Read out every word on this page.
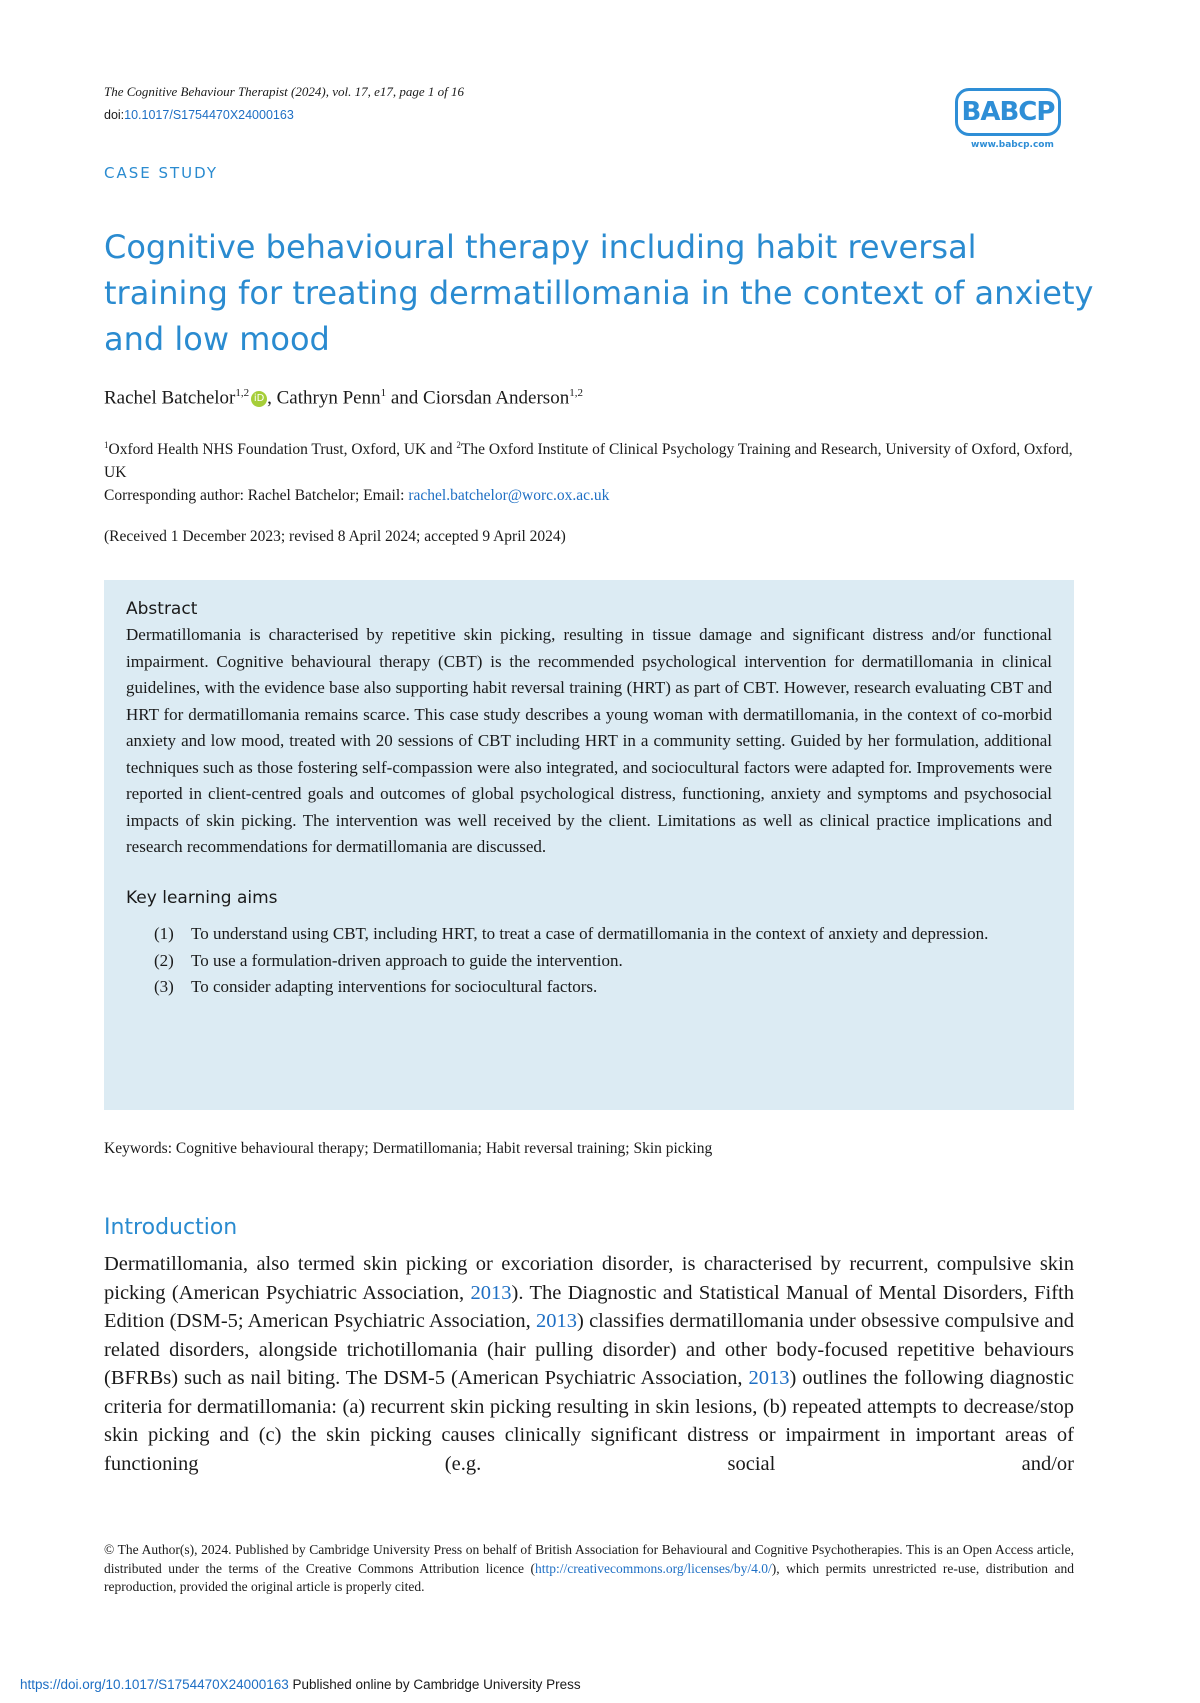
The Cognitive Behaviour Therapist (2024), vol. 17, e17, page 1 of 16
doi:10.1017/S1754470X24000163	BABCP
www.babcp.com
CASE STUDY
Cognitive behavioural therapy including habit reversal training for treating dermatillomania in the context of anxiety and low mood
Rachel Batchelor$^{1,2}$ iD , Cathryn Penn$^1$ and Ciorsdan Anderson$^{1,2}$
$^1$Oxford Health NHS Foundation Trust, Oxford, UK and $^2$The Oxford Institute of Clinical Psychology Training and Research, University of Oxford, Oxford, UK
Corresponding author: Rachel Batchelor; Email: rachel.batchelor@worc.ox.ac.uk
(Received 1 December 2023; revised 8 April 2024; accepted 9 April 2024)
Abstract

Dermatillomania is characterised by repetitive skin picking, resulting in tissue damage and significant distress and/or functional impairment. Cognitive behavioural therapy (CBT) is the recommended psychological intervention for dermatillomania in clinical guidelines, with the evidence base also supporting habit reversal training (HRT) as part of CBT. However, research evaluating CBT and HRT for dermatillomania remains scarce. This case study describes a young woman with dermatillomania, in the context of co-morbid anxiety and low mood, treated with 20 sessions of CBT including HRT in a community setting. Guided by her formulation, additional techniques such as those fostering self-compassion were also integrated, and sociocultural factors were adapted for. Improvements were reported in client-centred goals and outcomes of global psychological distress, functioning, anxiety and symptoms and psychosocial impacts of skin picking. The intervention was well received by the client. Limitations as well as clinical practice implications and research recommendations for dermatillomania are discussed.

Key learning aims
(1) To understand using CBT, including HRT, to treat a case of dermatillomania in the context of anxiety and depression.
(2) To use a formulation-driven approach to guide the intervention.
(3) To consider adapting interventions for sociocultural factors.
Keywords: Cognitive behavioural therapy; Dermatillomania; Habit reversal training; Skin picking
Introduction

Dermatillomania, also termed skin picking or excoriation disorder, is characterised by recurrent, compulsive skin picking (American Psychiatric Association, 2013). The Diagnostic and Statistical Manual of Mental Disorders, Fifth Edition (DSM-5; American Psychiatric Association, 2013) classifies dermatillomania under obsessive compulsive and related disorders, alongside trichotillomania (hair pulling disorder) and other body-focused repetitive behaviours (BFRBs) such as nail biting. The DSM-5 (American Psychiatric Association, 2013) outlines the following diagnostic criteria for dermatillomania: (a) recurrent skin picking resulting in skin lesions, (b) repeated attempts to decrease/stop skin picking and (c) the skin picking causes clinically significant distress or impairment in important areas of functioning (e.g. social and/or

© The Author(s), 2024. Published by Cambridge University Press on behalf of British Association for Behavioural and Cognitive Psychotherapies. This is an Open Access article, distributed under the terms of the Creative Commons Attribution licence (http://creativecommons.org/licenses/by/4.0/), which permits unrestricted re-use, distribution and reproduction, provided the original article is properly cited.
https://doi.org/10.1017/S1754470X24000163 Published online by Cambridge University Press
